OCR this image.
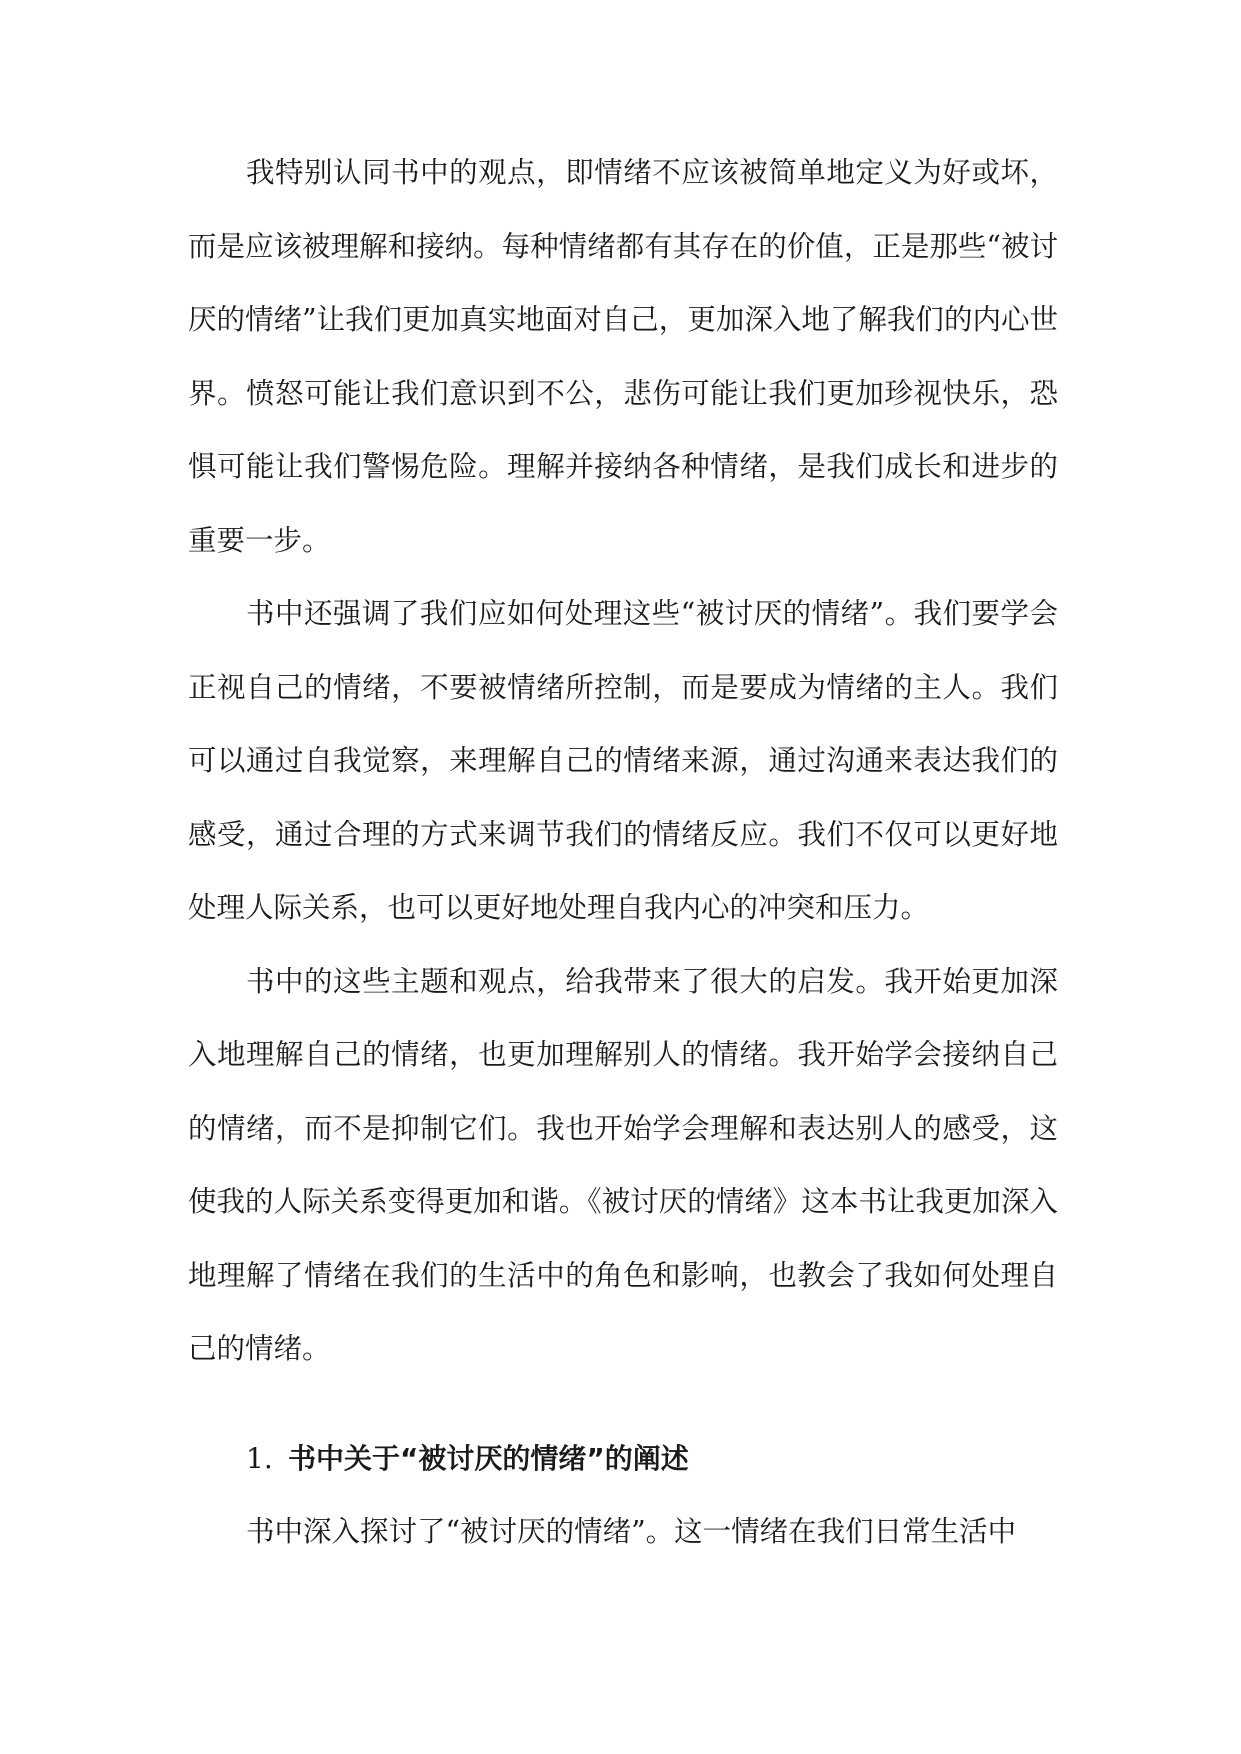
我特别认同书中的观点，即情绪不应该被简单地定义为好或坏，而是应该被理解和接纳。每种情绪都有其存在的价值，正是那些“被讨厌的情绪”让我们更加真实地面对自己，更加深入地了解我们的内心世界。愤怒可能让我们意识到不公，悲伤可能让我们更加珍视快乐，恐惧可能让我们警惕危险。理解并接纳各种情绪，是我们成长和进步的重要一步。

书中还强调了我们应如何处理这些“被讨厌的情绪”。我们要学会正视自己的情绪，不要被情绪所控制，而是要成为情绪的主人。我们可以通过自我觉察，来理解自己的情绪来源，通过沟通来表达我们的感受，通过合理的方式来调节我们的情绪反应。我们不仅可以更好地处理人际关系，也可以更好地处理自我内心的冲突和压力。

书中的这些主题和观点，给我带来了很大的启发。我开始更加深入地理解自己的情绪，也更加理解别人的情绪。我开始学会接纳自己的情绪，而不是抑制它们。我也开始学会理解和表达别人的感受，这使我的人际关系变得更加和谐。《被讨厌的情绪》这本书让我更加深入地理解了情绪在我们的生活中的角色和影响，也教会了我如何处理自己的情绪。

1. 书中关于“被讨厌的情绪”的阐述

书中深入探讨了“被讨厌的情绪”。这一情绪在我们日常生活中
